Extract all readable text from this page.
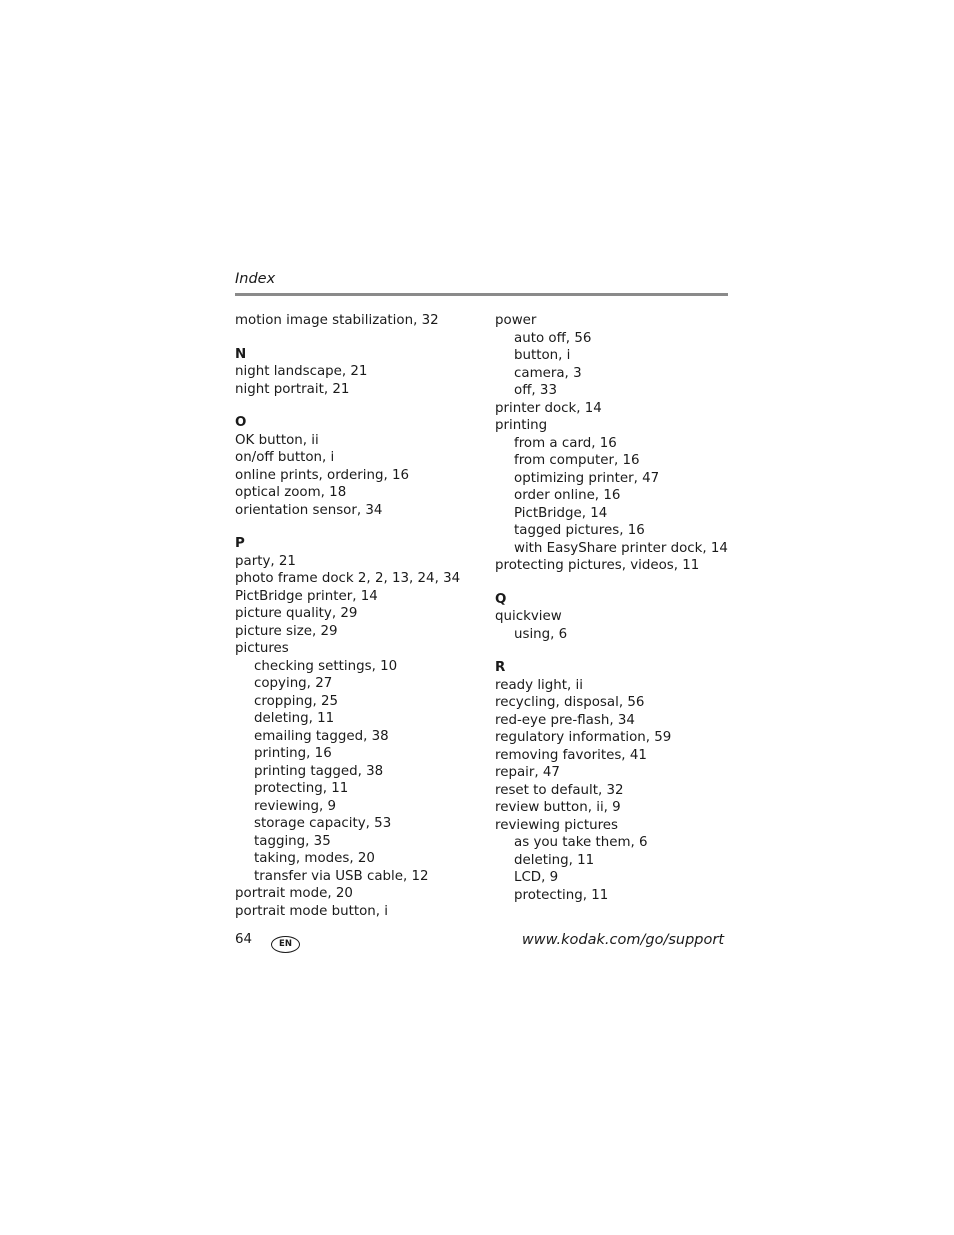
Index
motion image stabilization, 32
N
night landscape, 21
night portrait, 21
O
OK button, ii
on/off button, i
online prints, ordering, 16
optical zoom, 18
orientation sensor, 34
P
party, 21
photo frame dock 2, 2, 13, 24, 34
PictBridge printer, 14
picture quality, 29
picture size, 29
pictures
checking settings, 10
copying, 27
cropping, 25
deleting, 11
emailing tagged, 38
printing, 16
printing tagged, 38
protecting, 11
reviewing, 9
storage capacity, 53
tagging, 35
taking, modes, 20
transfer via USB cable, 12
portrait mode, 20
portrait mode button, i
power
auto off, 56
button, i
camera, 3
off, 33
printer dock, 14
printing
from a card, 16
from computer, 16
optimizing printer, 47
order online, 16
PictBridge, 14
tagged pictures, 16
with EasyShare printer dock, 14
protecting pictures, videos, 11
Q
quickview
using, 6
R
ready light, ii
recycling, disposal, 56
red-eye pre-flash, 34
regulatory information, 59
removing favorites, 41
repair, 47
reset to default, 32
review button, ii, 9
reviewing pictures
as you take them, 6
deleting, 11
LCD, 9
protecting, 11
64	EN	www.kodak.com/go/support
